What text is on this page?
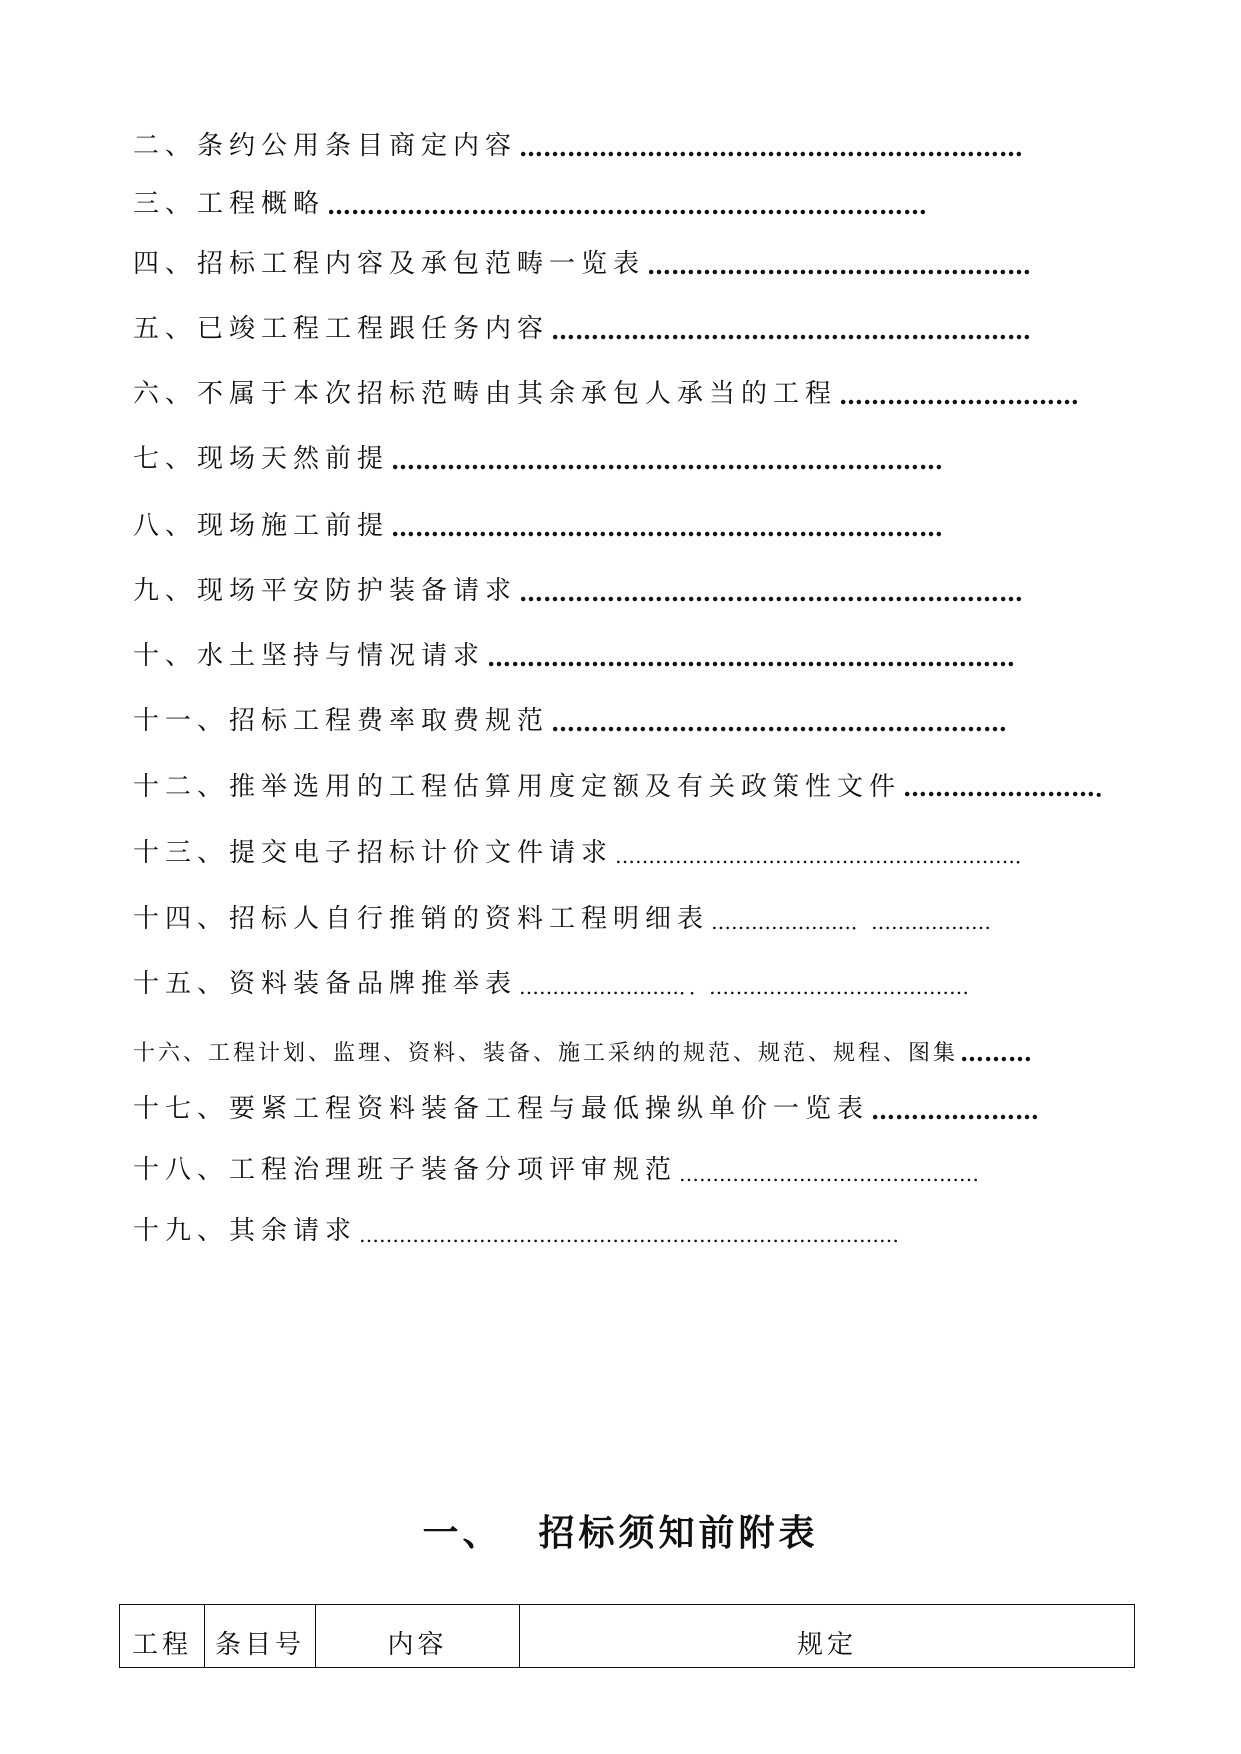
二、 条约公用条目商定内容 ………………………………………………………
三、 工程概略 …………………………………………………………………
四、 招标工程内容及承包范畴一览表 …………………………………………
五、 已竣工程工程跟任务内容 ……………………………………………………
六、 不属于本次招标范畴由其余承包人承当的工程 …………………………
七、 现场天然前提 ……………………………………………………………
八、 现场施工前提 ……………………………………………………………
九、 现场平安防护装备请求 ………………………………………………………
十、 水土坚持与情况请求 …………………………………………………………
十一、 招标工程费率取费规范 …………………………………………………
十二、 推举选用的工程估算用度定额及有关政策性文件 ……………………．
十三、 提交电子招标计价文件请求 ……………………………………………………．
十四、 招标人自行推销的资料工程明细表 …………………．………………
十五、 资料装备品牌推举表 ……………………．．…………………………………
十六、 工程计划、监理、资料、装备、施工采纳的规范、规范、规程、图集 ………
十七、 要紧工程资料装备工程与最低操纵单价一览表 …………………
十八、 工程治理班子装备分项评审规范 ………………………………………
十九、 其余请求 ………………………………………………………………………
一、 招标须知前附表
工程	条目号	内容	规定
